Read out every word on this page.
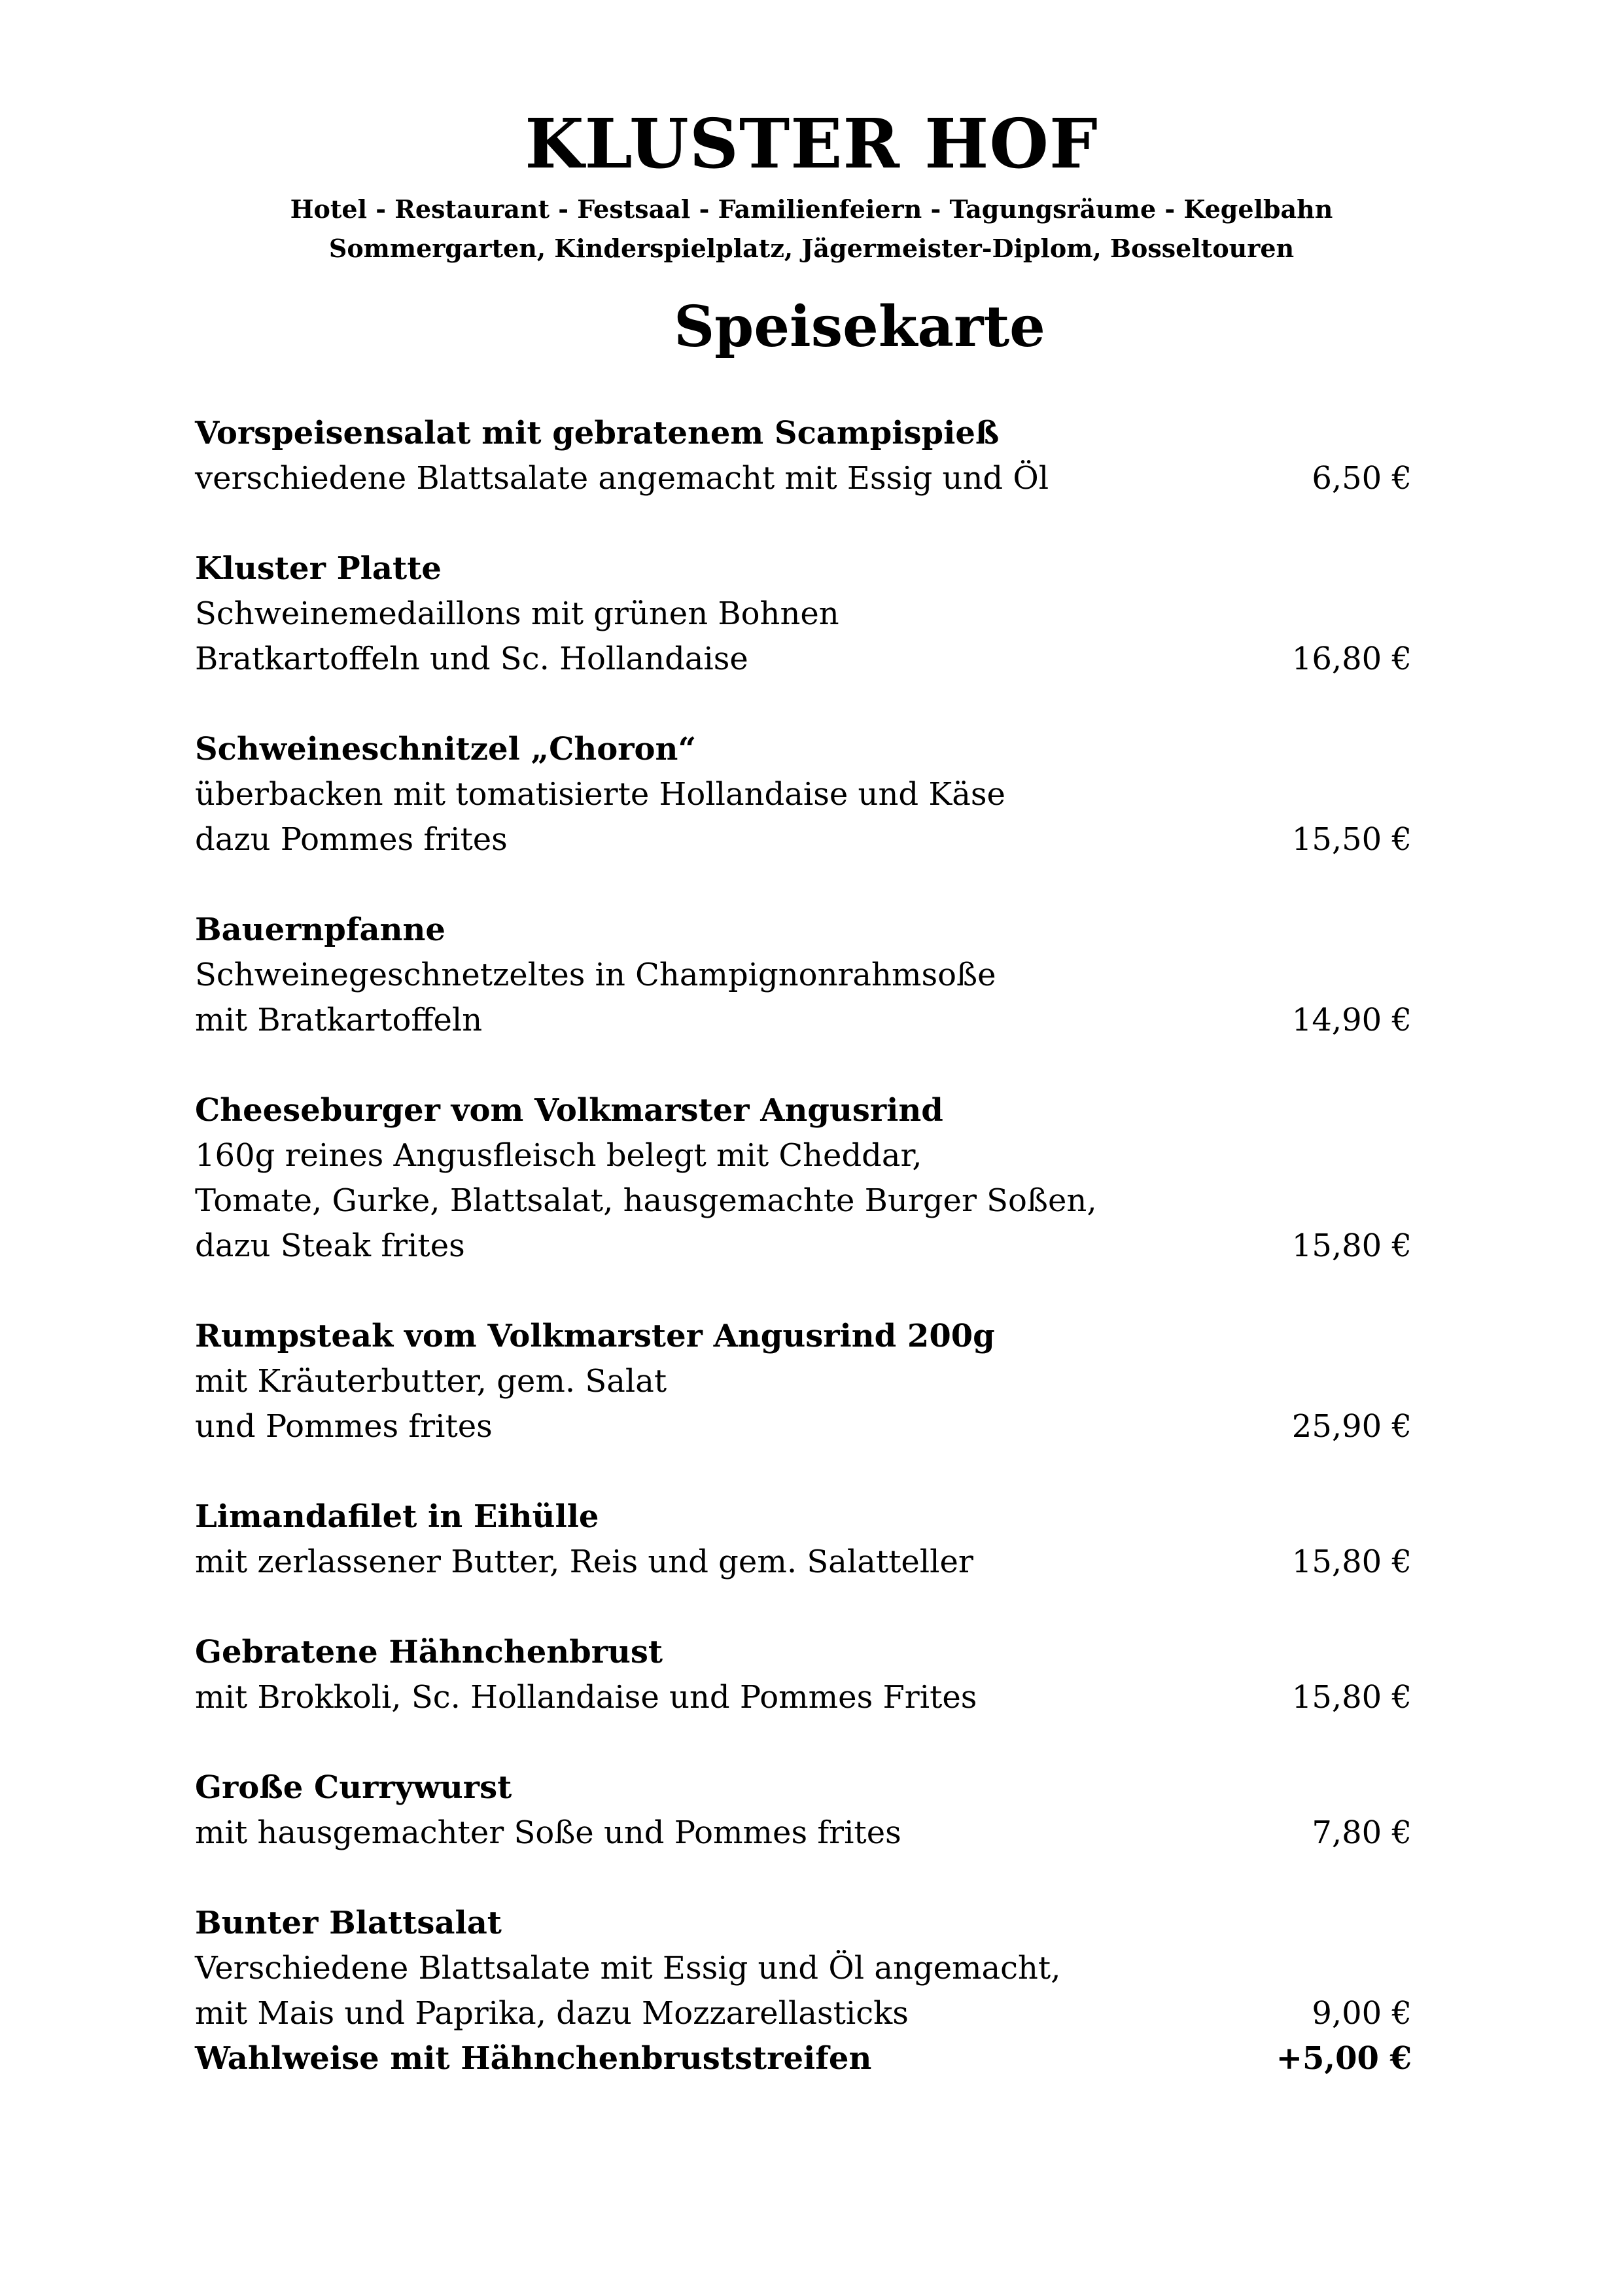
KLUSTER HOF
Hotel - Restaurant - Festsaal - Familienfeiern - Tagungsräume - Kegelbahn
Sommergarten, Kinderspielplatz, Jägermeister-Diplom, Bosseltouren
Speisekarte
Vorspeisensalat mit gebratenem Scampispieß
verschiedene Blattsalate angemacht mit Essig und Öl	6,50 €
Kluster Platte
Schweinemedaillons mit grünen Bohnen
Bratkartoffeln und Sc. Hollandaise	16,80 €
Schweineschnitzel „Choron“
überbacken mit tomatisierte Hollandaise und Käse
dazu Pommes frites	15,50 €
Bauernpfanne
Schweinegeschnetzeltes in Champignonrahmsoße
mit Bratkartoffeln	14,90 €
Cheeseburger vom Volkmarster Angusrind
160g reines Angusfleisch belegt mit Cheddar,
Tomate, Gurke, Blattsalat, hausgemachte Burger Soßen,
dazu Steak frites	15,80 €
Rumpsteak vom Volkmarster Angusrind 200g
mit Kräuterbutter, gem. Salat
und Pommes frites	25,90 €
Limandafilet in Eihülle
mit zerlassener Butter, Reis und gem. Salatteller	15,80 €
Gebratene Hähnchenbrust
mit Brokkoli, Sc. Hollandaise und Pommes Frites	15,80 €
Große Currywurst
mit hausgemachter Soße und Pommes frites	7,80 €
Bunter Blattsalat
Verschiedene Blattsalate mit Essig und Öl angemacht,
mit Mais und Paprika, dazu Mozzarellasticks	9,00 €
Wahlweise mit Hähnchenbruststreifen	+5,00 €
